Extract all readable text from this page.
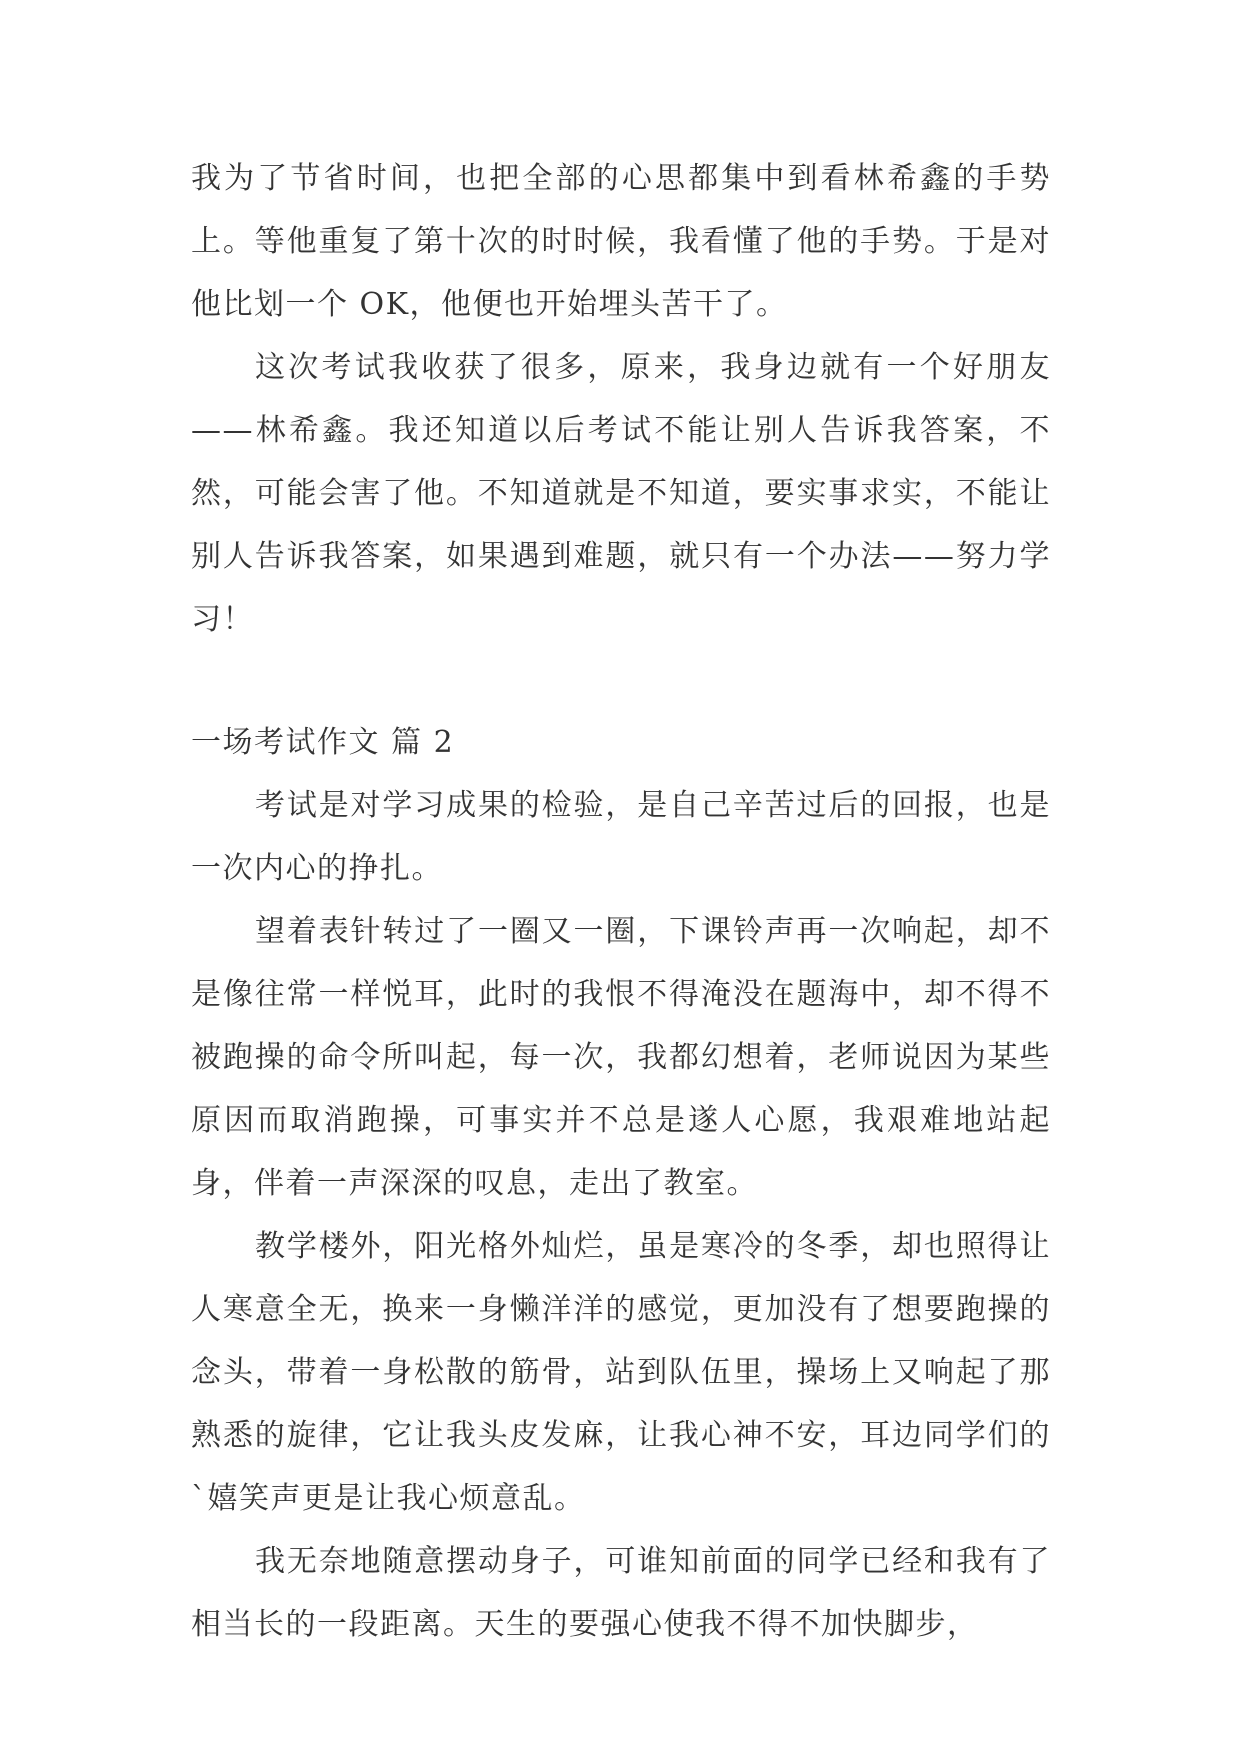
我为了节省时间，也把全部的心思都集中到看林希鑫的手势上。等他重复了第十次的时时候，我看懂了他的手势。于是对他比划一个 OK，他便也开始埋头苦干了。

这次考试我收获了很多，原来，我身边就有一个好朋友——林希鑫。我还知道以后考试不能让别人告诉我答案，不然，可能会害了他。不知道就是不知道，要实事求实，不能让别人告诉我答案，如果遇到难题，就只有一个办法——努力学习！

一场考试作文 篇 2

考试是对学习成果的检验，是自己辛苦过后的回报，也是一次内心的挣扎。

望着表针转过了一圈又一圈，下课铃声再一次响起，却不是像往常一样悦耳，此时的我恨不得淹没在题海中，却不得不被跑操的命令所叫起，每一次，我都幻想着，老师说因为某些原因而取消跑操，可事实并不总是遂人心愿，我艰难地站起身，伴着一声深深的叹息，走出了教室。

教学楼外，阳光格外灿烂，虽是寒冷的冬季，却也照得让人寒意全无，换来一身懒洋洋的感觉，更加没有了想要跑操的念头，带着一身松散的筋骨，站到队伍里，操场上又响起了那熟悉的旋律，它让我头皮发麻，让我心神不安，耳边同学们的`嬉笑声更是让我心烦意乱。

我无奈地随意摆动身子，可谁知前面的同学已经和我有了相当长的一段距离。天生的要强心使我不得不加快脚步，
